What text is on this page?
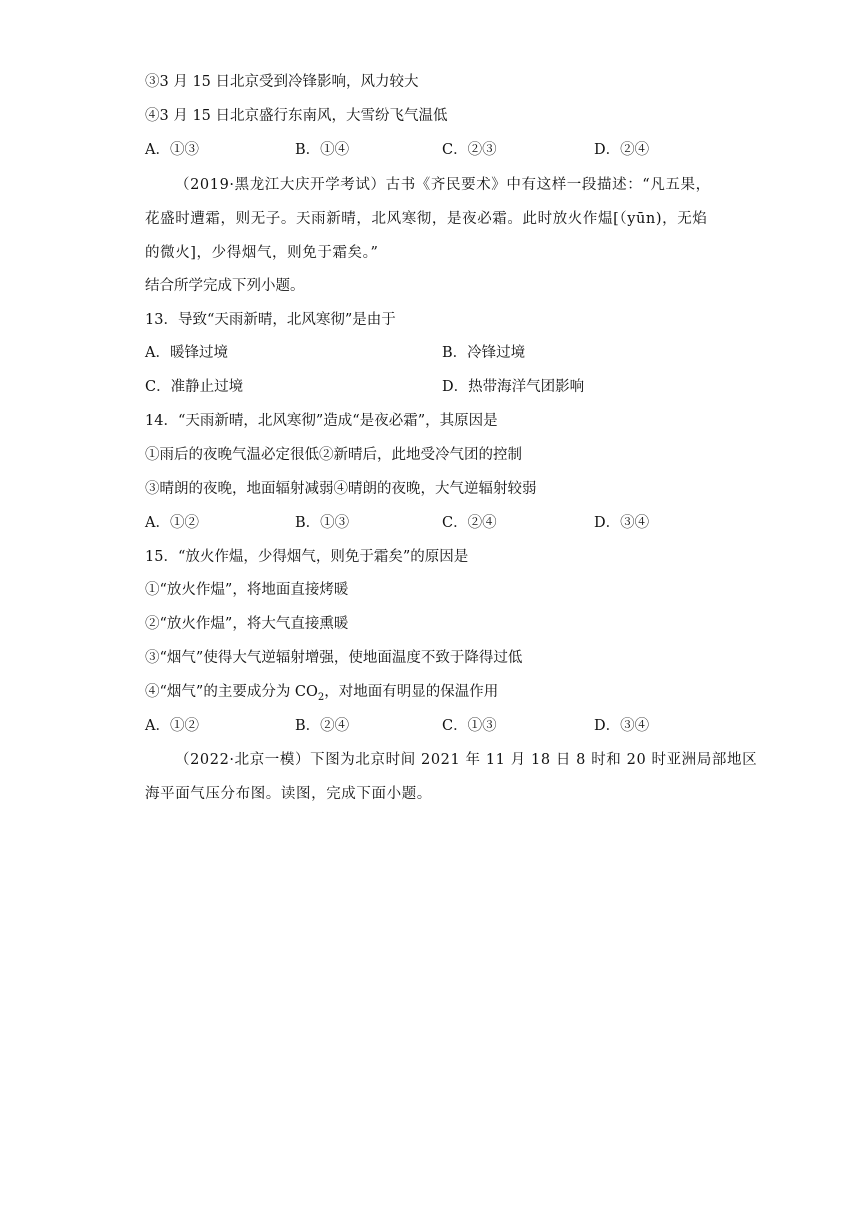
③3 月 15 日北京受到冷锋影响，风力较大
④3 月 15 日北京盛行东南风，大雪纷飞气温低
A．①③	B．①④	C．②③	D．②④
（2019·黑龙江大庆开学考试）古书《齐民要术》中有这样一段描述：“凡五果，
花盛时遭霜，则无子。天雨新晴，北风寒彻，是夜必霜。此时放火作煴[（yūn)，无焰
的微火]，少得烟气，则免于霜矣。”
结合所学完成下列小题。
13．导致“天雨新晴，北风寒彻”是由于
A．暖锋过境	B．冷锋过境
C．准静止过境	D．热带海洋气团影响
14．“天雨新晴，北风寒彻”造成“是夜必霜”，其原因是
①雨后的夜晚气温必定很低②新晴后，此地受冷气团的控制
③晴朗的夜晚，地面辐射减弱④晴朗的夜晚，大气逆辐射较弱
A．①②	B．①③	C．②④	D．③④
15．“放火作煴，少得烟气，则免于霜矣”的原因是
①“放火作煴”，将地面直接烤暖
②“放火作煴”，将大气直接熏暖
③“烟气”使得大气逆辐射增强，使地面温度不致于降得过低
④“烟气”的主要成分为 $CO_2$，对地面有明显的保温作用
A．①②	B．②④	C．①③	D．③④
（2022·北京一模）下图为北京时间 2021 年 11 月 18 日 8 时和 20 时亚洲局部地区
海平面气压分布图。读图，完成下面小题。
